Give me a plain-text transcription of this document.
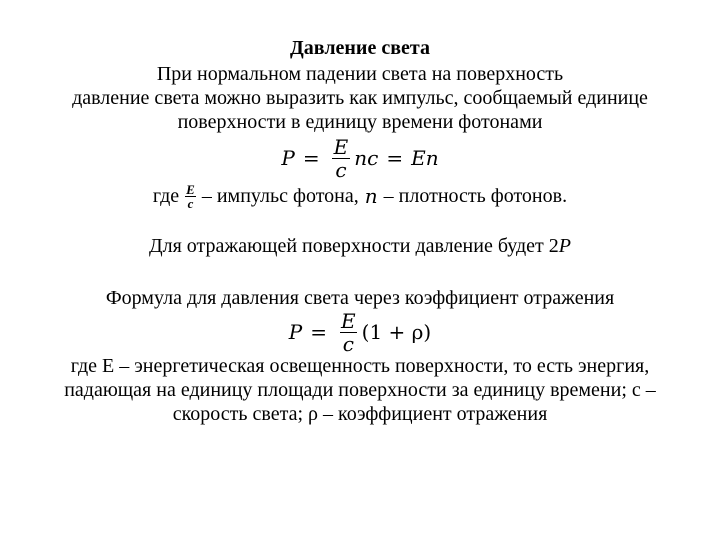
Давление света
При нормальном падении света на поверхность
давление света можно выразить как импульс, сообщаемый единице
поверхности в единицу времени фотонами
$P = \frac{E}{c}$ nc = En
где $\frac{E}{c}$ – импульс фотона, n – плотность фотонов.
Для отражающей поверхности давление будет 2P
Формула для давления света через коэффициент отражения
$P = \frac{E}{c} (1 + \rho)$
где E – энергетическая освещенность поверхности, то есть энергия,
падающая на единицу площади поверхности за единицу времени; с –
скорость света; ρ – коэффициент отражения
